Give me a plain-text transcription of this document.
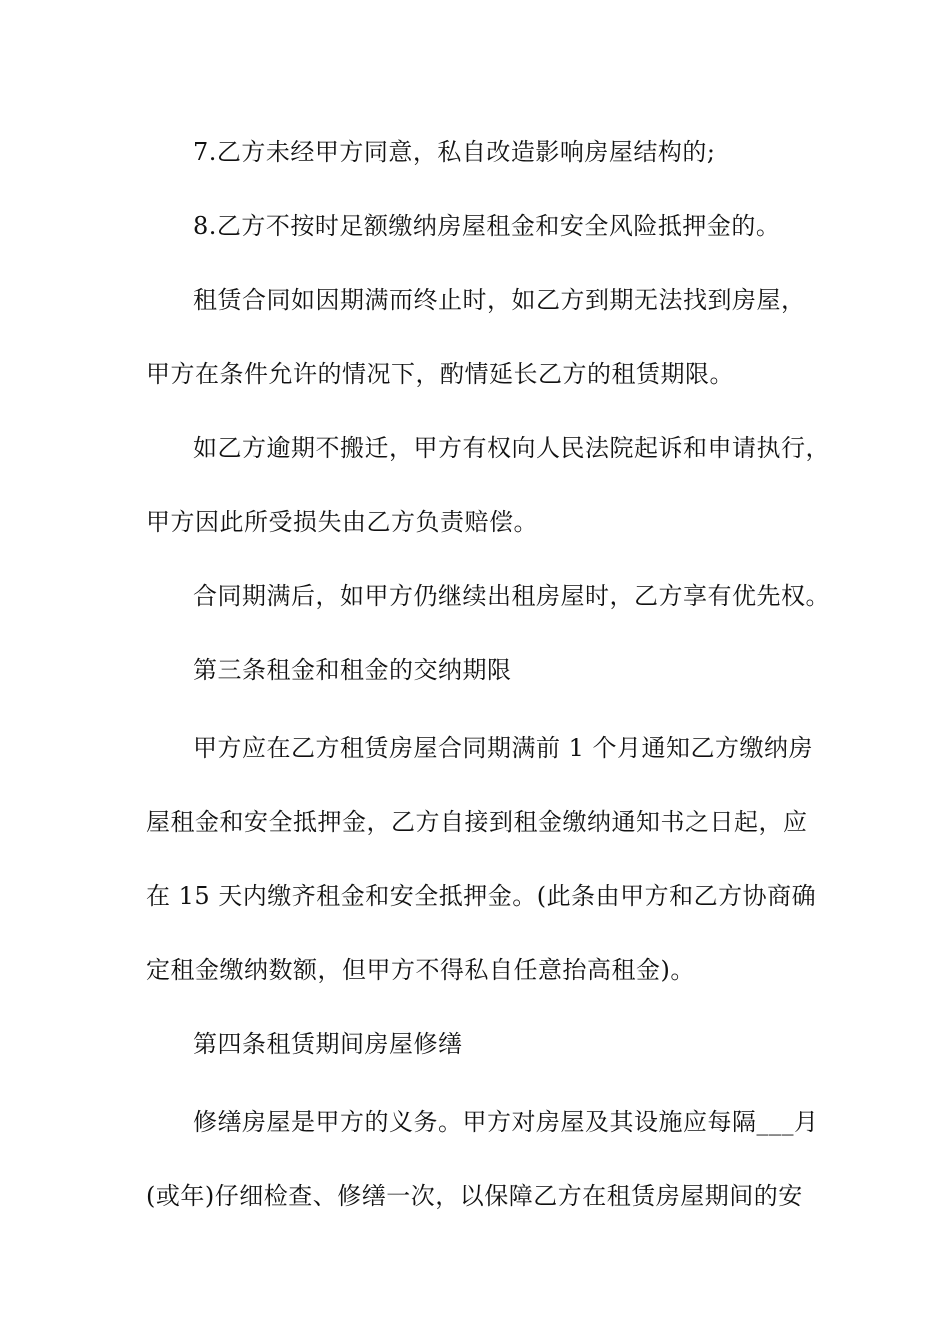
7.乙方未经甲方同意，私自改造影响房屋结构的;

8.乙方不按时足额缴纳房屋租金和安全风险抵押金的。

租赁合同如因期满而终止时，如乙方到期无法找到房屋，

甲方在条件允许的情况下，酌情延长乙方的租赁期限。

如乙方逾期不搬迁，甲方有权向人民法院起诉和申请执行，

甲方因此所受损失由乙方负责赔偿。

合同期满后，如甲方仍继续出租房屋时，乙方享有优先权。

第三条租金和租金的交纳期限

甲方应在乙方租赁房屋合同期满前 1 个月通知乙方缴纳房

屋租金和安全抵押金，乙方自接到租金缴纳通知书之日起，应

在 15 天内缴齐租金和安全抵押金。(此条由甲方和乙方协商确

定租金缴纳数额，但甲方不得私自任意抬高租金)。

第四条租赁期间房屋修缮

修缮房屋是甲方的义务。甲方对房屋及其设施应每隔___月

(或年)仔细检查、修缮一次，以保障乙方在租赁房屋期间的安
